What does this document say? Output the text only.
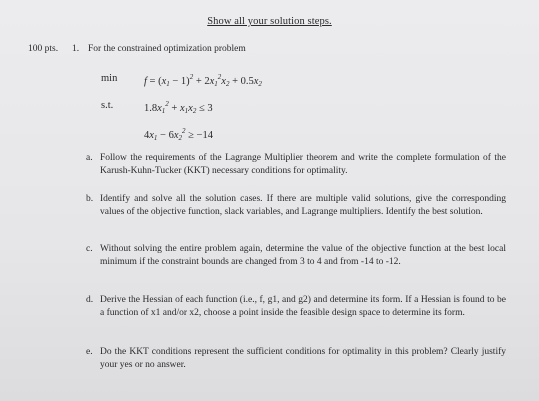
Show all your solution steps.
100 pts. 1. For the constrained optimization problem
min	$f = (x_1 - 1)^2 + 2x_1^2x_2 + 0.5x_2$
s.t.	$1.8x_1^2 + x_1x_2 \le 3$
$4x_1 - 6x_2^2 \ge -14$
a. Follow the requirements of the Lagrange Multiplier theorem and write the complete formulation of the Karush-Kuhn-Tucker (KKT) necessary conditions for optimality.
b. Identify and solve all the solution cases. If there are multiple valid solutions, give the corresponding values of the objective function, slack variables, and Lagrange multipliers. Identify the best solution.
c. Without solving the entire problem again, determine the value of the objective function at the best local minimum if the constraint bounds are changed from 3 to 4 and from -14 to -12.
d. Derive the Hessian of each function (i.e., f, g1, and g2) and determine its form. If a Hessian is found to be a function of x1 and/or x2, choose a point inside the feasible design space to determine its form.
e. Do the KKT conditions represent the sufficient conditions for optimality in this problem? Clearly justify your yes or no answer.
